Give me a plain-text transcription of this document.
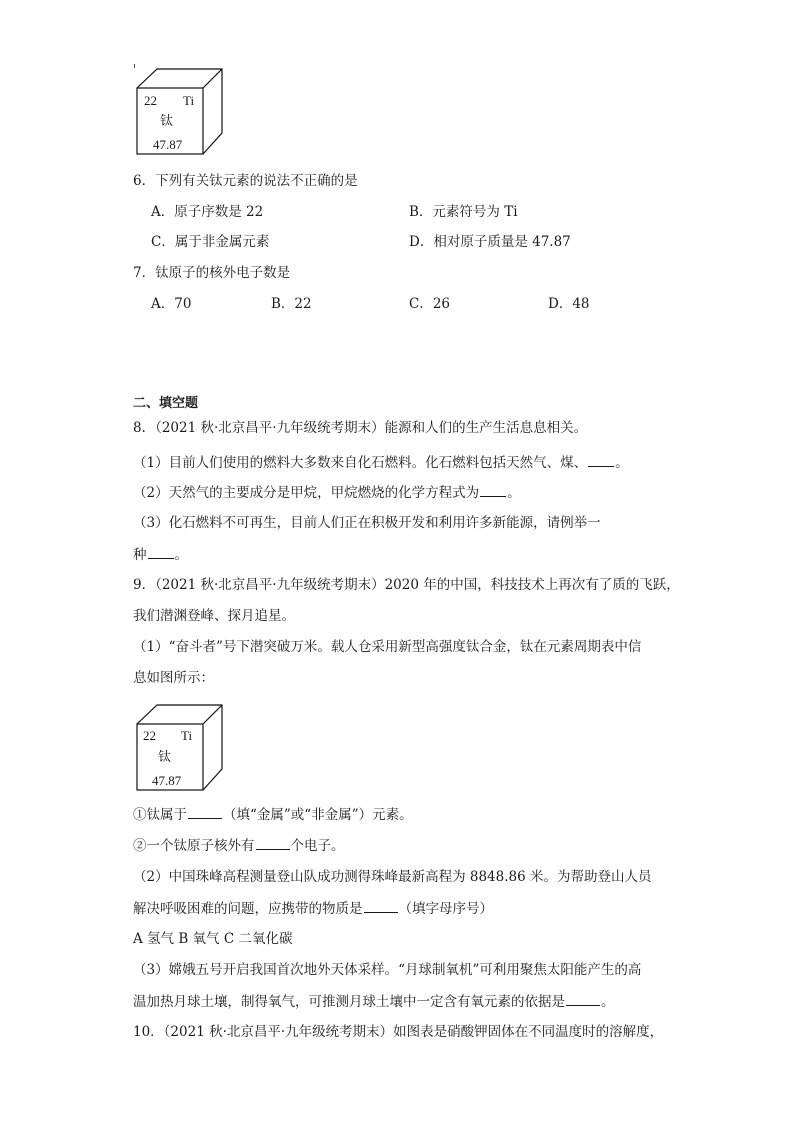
22 Ti
钛
47.87
6．下列有关钛元素的说法不正确的是
A．原子序数是 22	B．元素符号为 Ti
C．属于非金属元素	D．相对原子质量是 47.87
7．钛原子的核外电子数是
A．70	B．22	C．26	D．48
二、填空题
8．（2021 秋·北京昌平·九年级统考期末）能源和人们的生产生活息息相关。
（1）目前人们使用的燃料大多数来自化石燃料。化石燃料包括天然气、煤、 。
（2）天然气的主要成分是甲烷，甲烷燃烧的化学方程式为 。
（3）化石燃料不可再生，目前人们正在积极开发和利用许多新能源，请例举一
种 。
9．（2021 秋·北京昌平·九年级统考期末）2020 年的中国，科技技术上再次有了质的飞跃，
我们潜渊登峰、探月追星。
（1）“奋斗者”号下潜突破万米。载人仓采用新型高强度钛合金，钛在元素周期表中信
息如图所示：
22 Ti
钛
47.87
①钛属于	（填“金属”或“非金属”）元素。
②一个钛原子核外有	个电子。
（2）中国珠峰高程测量登山队成功测得珠峰最新高程为 8848.86 米。为帮助登山人员
解决呼吸困难的问题，应携带的物质是	（填字母序号）
A 氢气 B 氧气 C 二氧化碳
（3）嫦娥五号开启我国首次地外天体采样。“月球制氧机”可利用聚焦太阳能产生的高
温加热月球土壤，制得氧气，可推测月球土壤中一定含有氧元素的依据是	。
10．（2021 秋·北京昌平·九年级统考期末）如图表是硝酸钾固体在不同温度时的溶解度，
